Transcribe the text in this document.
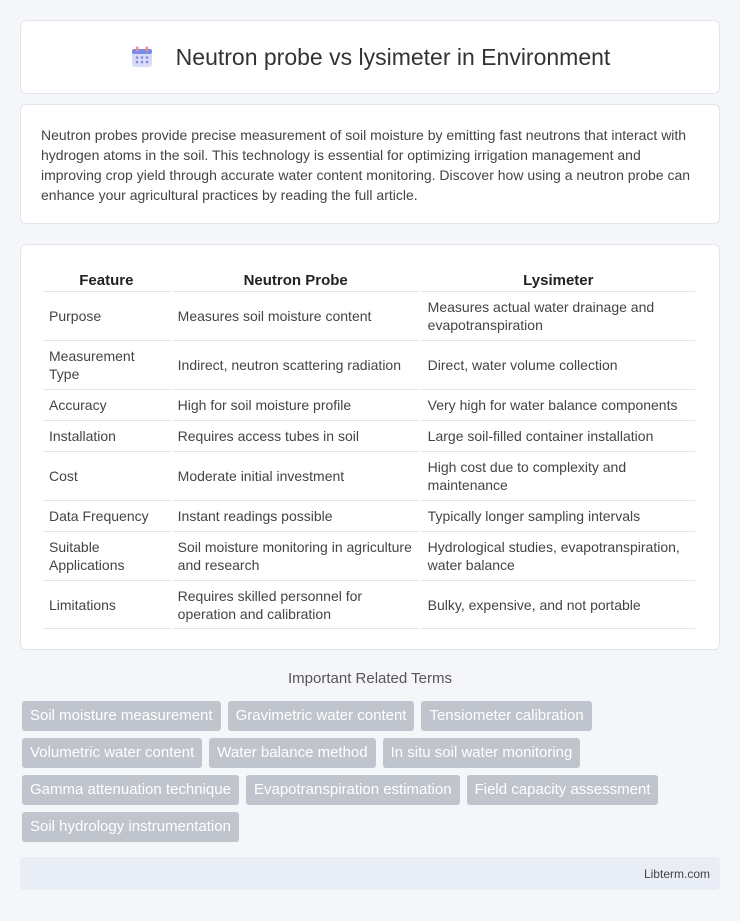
Neutron probe vs lysimeter in Environment

Neutron probes provide precise measurement of soil moisture by emitting fast neutrons that interact with hydrogen atoms in the soil. This technology is essential for optimizing irrigation management and improving crop yield through accurate water content monitoring. Discover how using a neutron probe can enhance your agricultural practices by reading the full article.

Feature	Neutron Probe	Lysimeter
Purpose	Measures soil moisture content	Measures actual water drainage and evapotranspiration
Measurement Type	Indirect, neutron scattering radiation	Direct, water volume collection
Accuracy	High for soil moisture profile	Very high for water balance components
Installation	Requires access tubes in soil	Large soil-filled container installation
Cost	Moderate initial investment	High cost due to complexity and maintenance
Data Frequency	Instant readings possible	Typically longer sampling intervals
Suitable Applications	Soil moisture monitoring in agriculture and research	Hydrological studies, evapotranspiration, water balance
Limitations	Requires skilled personnel for operation and calibration	Bulky, expensive, and not portable
Important Related Terms
Soil moisture measurement	Gravimetric water content	Tensiometer calibration
Volumetric water content	Water balance method	In situ soil water monitoring
Gamma attenuation technique	Evapotranspiration estimation	Field capacity assessment
Soil hydrology instrumentation
Libterm.com
